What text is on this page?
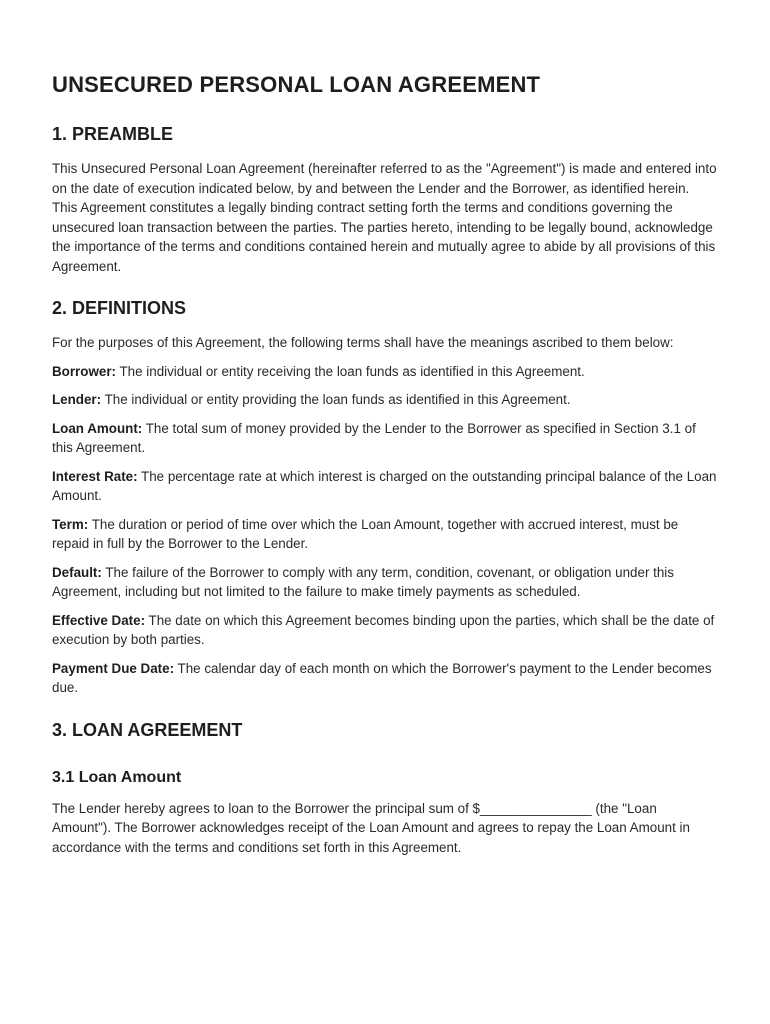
UNSECURED PERSONAL LOAN AGREEMENT
1. PREAMBLE

This Unsecured Personal Loan Agreement (hereinafter referred to as the "Agreement") is made and entered into on the date of execution indicated below, by and between the Lender and the Borrower, as identified herein. This Agreement constitutes a legally binding contract setting forth the terms and conditions governing the unsecured loan transaction between the parties. The parties hereto, intending to be legally bound, acknowledge the importance of the terms and conditions contained herein and mutually agree to abide by all provisions of this Agreement.

2. DEFINITIONS

For the purposes of this Agreement, the following terms shall have the meanings ascribed to them below:

Borrower: The individual or entity receiving the loan funds as identified in this Agreement.

Lender: The individual or entity providing the loan funds as identified in this Agreement.

Loan Amount: The total sum of money provided by the Lender to the Borrower as specified in Section 3.1 of this Agreement.

Interest Rate: The percentage rate at which interest is charged on the outstanding principal balance of the Loan Amount.

Term: The duration or period of time over which the Loan Amount, together with accrued interest, must be repaid in full by the Borrower to the Lender.

Default: The failure of the Borrower to comply with any term, condition, covenant, or obligation under this Agreement, including but not limited to the failure to make timely payments as scheduled.

Effective Date: The date on which this Agreement becomes binding upon the parties, which shall be the date of execution by both parties.

Payment Due Date: The calendar day of each month on which the Borrower's payment to the Lender becomes due.

3. LOAN AGREEMENT
3.1 Loan Amount

The Lender hereby agrees to loan to the Borrower the principal sum of $_______________ (the "Loan Amount"). The Borrower acknowledges receipt of the Loan Amount and agrees to repay the Loan Amount in accordance with the terms and conditions set forth in this Agreement.
